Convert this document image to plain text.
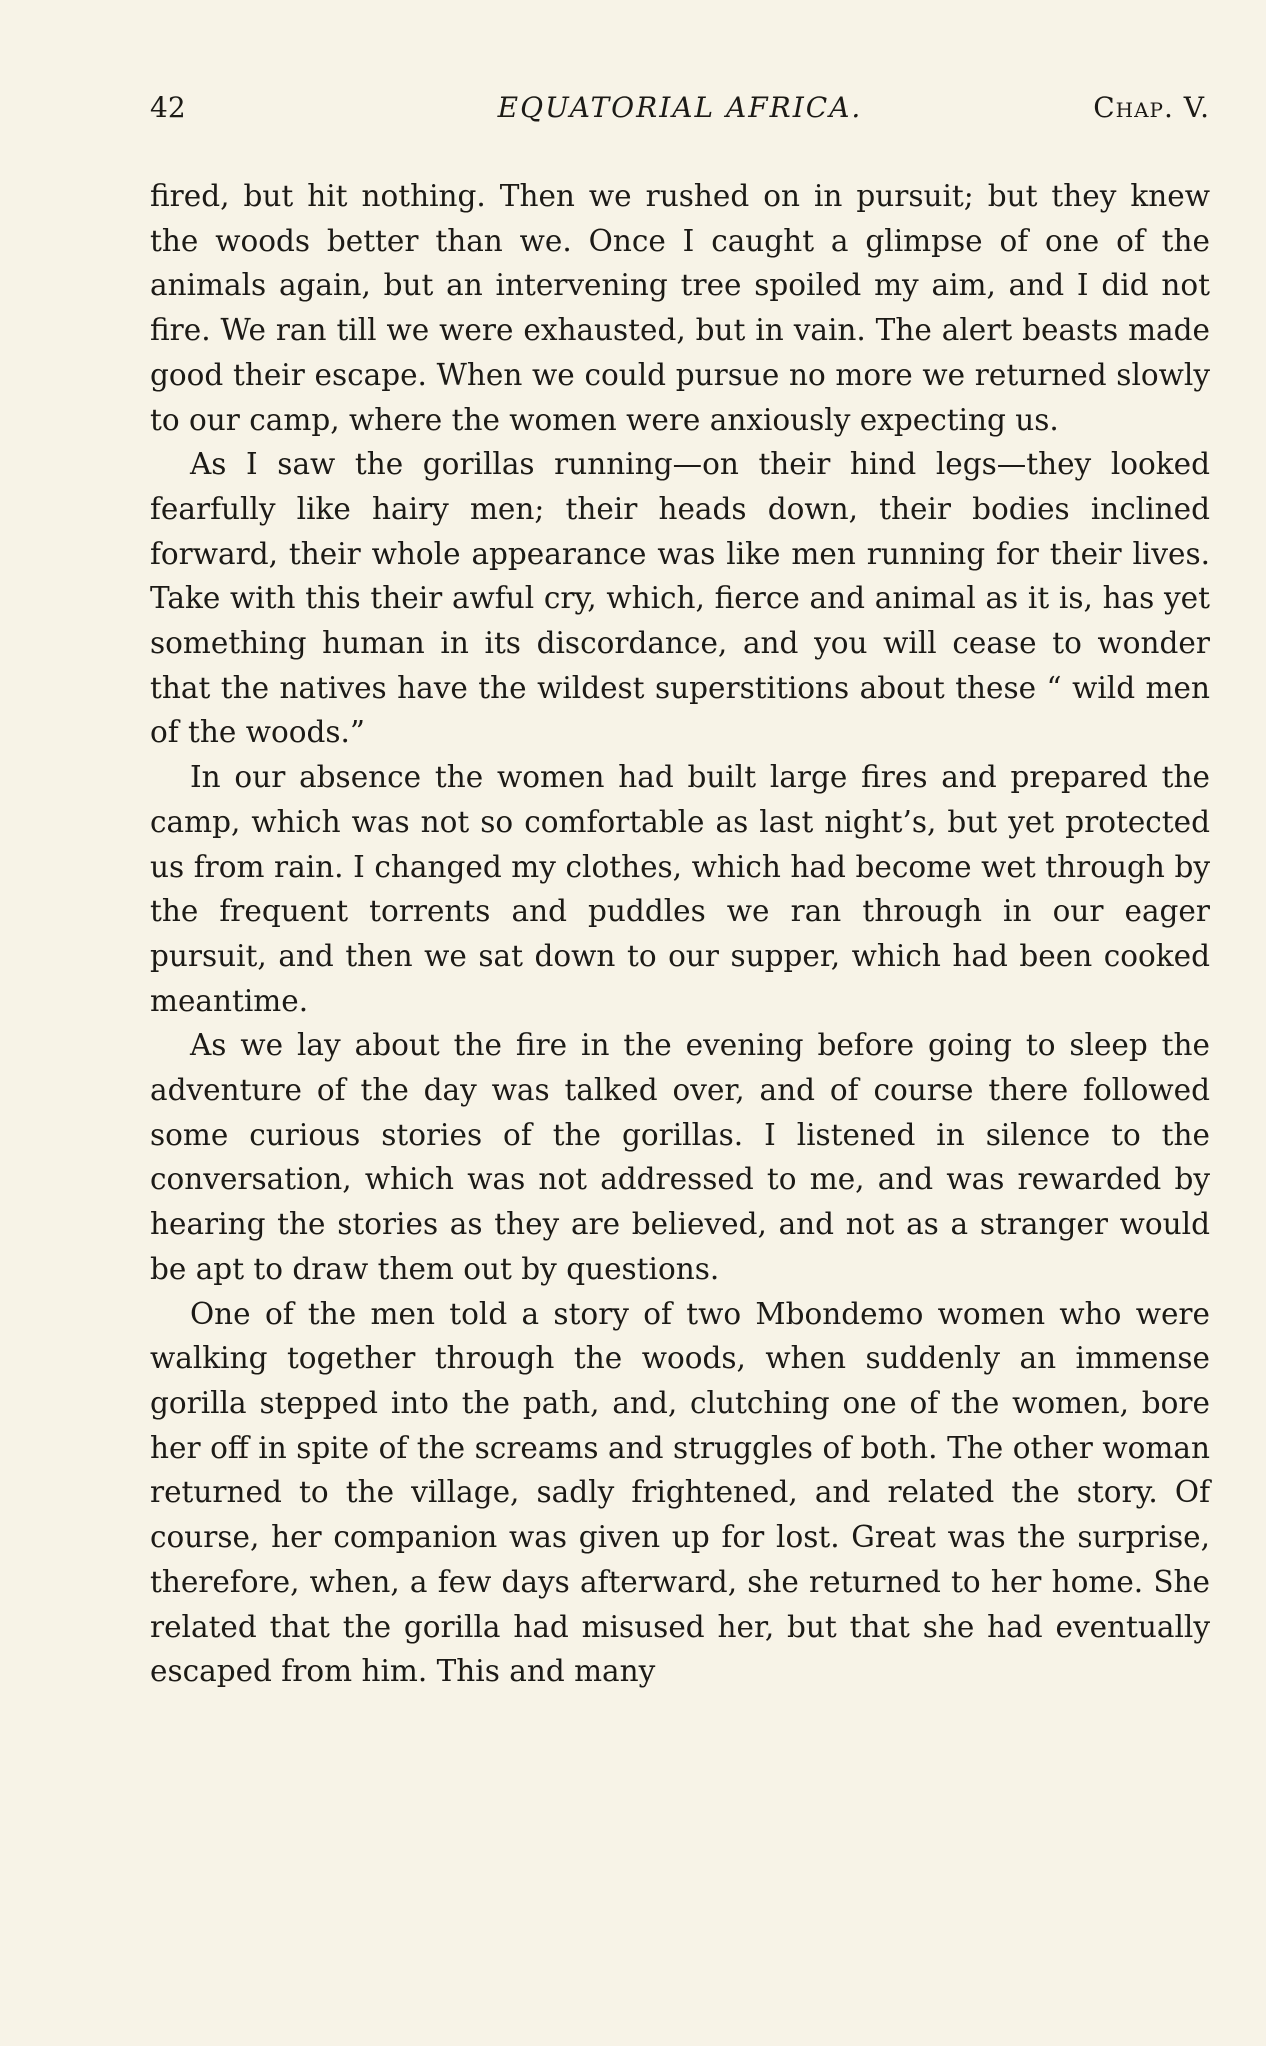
42	EQUATORIAL AFRICA.	Chap. V.

fired, but hit nothing. Then we rushed on in pursuit; but they knew the woods better than we. Once I caught a glimpse of one of the animals again, but an intervening tree spoiled my aim, and I did not fire. We ran till we were exhausted, but in vain. The alert beasts made good their escape. When we could pursue no more we returned slowly to our camp, where the women were anxiously expecting us.

As I saw the gorillas running—on their hind legs—they looked fearfully like hairy men; their heads down, their bodies inclined forward, their whole appearance was like men running for their lives. Take with this their awful cry, which, fierce and animal as it is, has yet something human in its discordance, and you will cease to wonder that the natives have the wildest superstitions about these “ wild men of the woods.”

In our absence the women had built large fires and prepared the camp, which was not so comfortable as last night’s, but yet protected us from rain. I changed my clothes, which had become wet through by the frequent torrents and puddles we ran through in our eager pursuit, and then we sat down to our supper, which had been cooked meantime.

As we lay about the fire in the evening before going to sleep the adventure of the day was talked over, and of course there followed some curious stories of the gorillas. I listened in silence to the conversation, which was not addressed to me, and was rewarded by hearing the stories as they are believed, and not as a stranger would be apt to draw them out by questions.

One of the men told a story of two Mbondemo women who were walking together through the woods, when suddenly an immense gorilla stepped into the path, and, clutching one of the women, bore her off in spite of the screams and struggles of both. The other woman returned to the village, sadly frightened, and related the story. Of course, her companion was given up for lost. Great was the surprise, therefore, when, a few days afterward, she returned to her home. She related that the gorilla had misused her, but that she had eventually escaped from him. This and many
